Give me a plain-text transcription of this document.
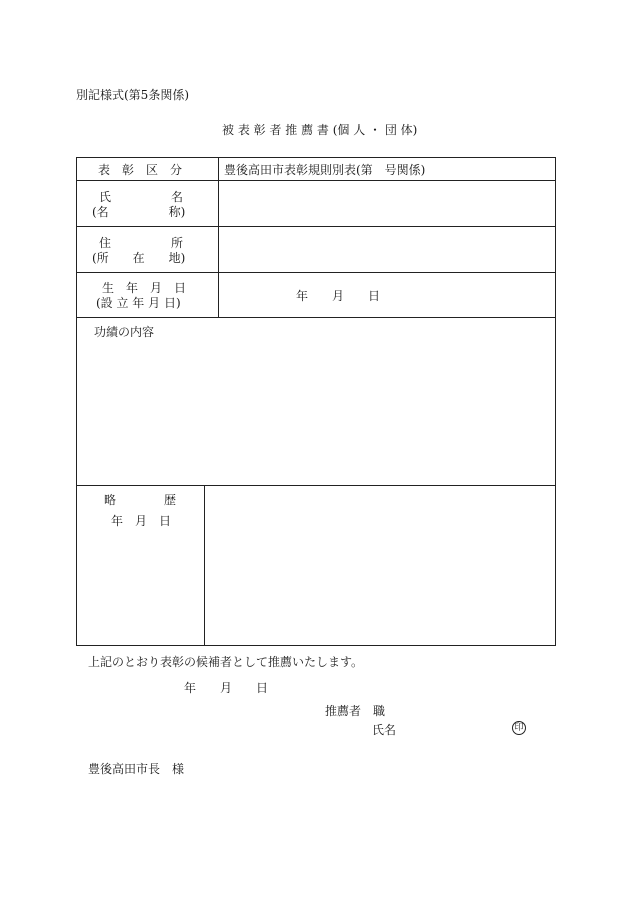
別記様式(第5条関係)
被 表 彰 者 推 薦 書 (個 人 ・ 団 体)
表　彰　区　分	豊後高田市表彰規則別表(第　号関係)
氏　　　　　名
(名　　　　　称)
住　　　　　所
(所　　在　　地)
生　年　月　日
(設 立 年 月 日)	年　　月　　日
功績の内容
略　　　　歴
年　月　日
上記のとおり表彰の候補者として推薦いたします。
年　　月　　日
推薦者　職
氏名	印
豊後高田市長　様
